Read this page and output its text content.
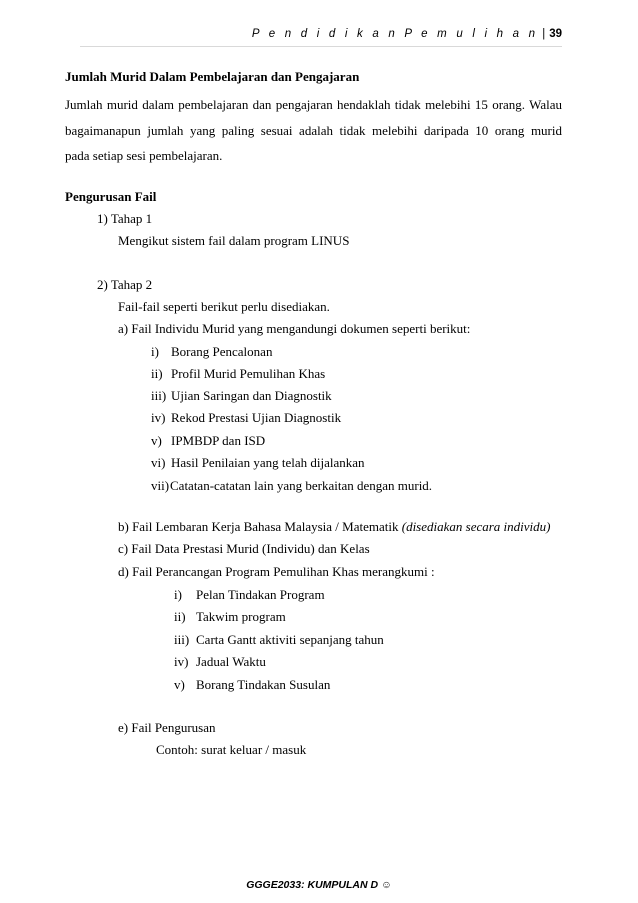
P e n d i d i k a n P e m u l i h a n | 39
Jumlah Murid Dalam Pembelajaran dan Pengajaran
Jumlah murid dalam pembelajaran dan pengajaran hendaklah tidak melebihi 15 orang. Walau
bagaimanapun jumlah yang paling sesuai adalah tidak melebihi daripada 10 orang murid
pada setiap sesi pembelajaran.
Pengurusan Fail
1) Tahap 1
Mengikut sistem fail dalam program LINUS
2) Tahap 2
Fail-fail seperti berikut perlu disediakan.
a) Fail Individu Murid yang mengandungi dokumen seperti berikut:
i) Borang Pencalonan
ii) Profil Murid Pemulihan Khas
iii) Ujian Saringan dan Diagnostik
iv) Rekod Prestasi Ujian Diagnostik
v) IPMBDP dan ISD
vi) Hasil Penilaian yang telah dijalankan
vii)Catatan-catatan lain yang berkaitan dengan murid.
b) Fail Lembaran Kerja Bahasa Malaysia / Matematik (disediakan secara individu)
c) Fail Data Prestasi Murid (Individu) dan Kelas
d) Fail Perancangan Program Pemulihan Khas merangkumi :
i) Pelan Tindakan Program
ii) Takwim program
iii) Carta Gantt aktiviti sepanjang tahun
iv) Jadual Waktu
v) Borang Tindakan Susulan
e) Fail Pengurusan
Contoh: surat keluar / masuk
GGGE2033: KUMPULAN D ☺
